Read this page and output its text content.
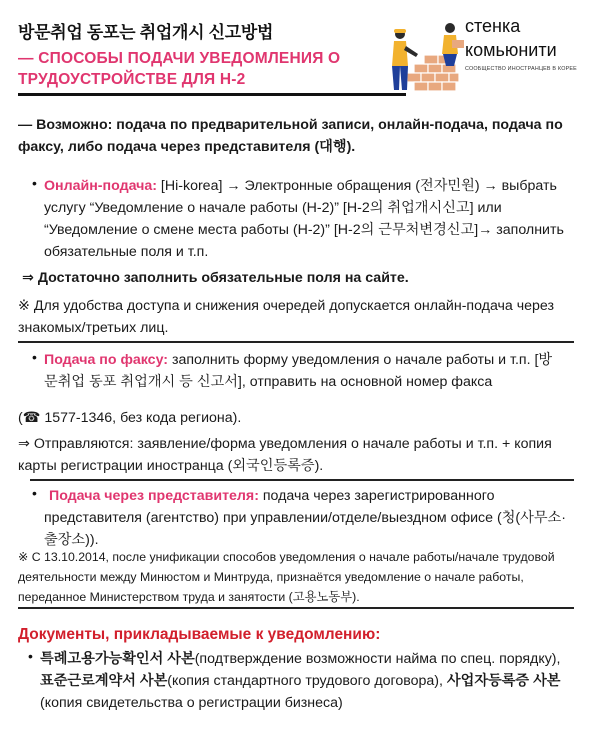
방문취업 동포는 취업개시 신고방법
— СПОСОБЫ ПОДАЧИ УВЕДОМЛЕНИЯ О ТРУДОУСТРОЙСТВЕ ДЛЯ H-2
стенка
комьюнити
СООБЩЕСТВО ИНОСТРАНЦЕВ В КОРЕЕ
— Возможно: подача по предварительной записи, онлайн-подача, подача по факсу, либо подача через представителя (대행).
• Онлайн-подача: [Hi-korea] → Электронные обращения (전자민원) → выбрать услугу “Уведомление о начале работы (H-2)” [H-2의 취업개시신고] или “Уведомление о смене места работы (H-2)” [H-2의 근무처변경신고]→ заполнить обязательные поля и т.п.
⇒ Достаточно заполнить обязательные поля на сайте.
※ Для удобства доступа и снижения очередей допускается онлайн-подача через знакомых/третьих лиц.
• Подача по факсу: заполнить форму уведомления о начале работы и т.п. [방문취업 동포 취업개시 등 신고서], отправить на основной номер факса
(☎ 1577-1346, без кода региона).
⇒ Отправляются: заявление/форма уведомления о начале работы и т.п. + копия карты регистрации иностранца (외국인등록증).
• Подача через представителя: подача через зарегистрированного представителя (агентство) при управлении/отделе/выездном офисе (청(사무소·출장소)).
※ С 13.10.2014, после унификации способов уведомления о начале работы/начале трудовой деятельности между Минюстом и Минтруда, признаётся уведомление о начале работы, переданное Министерством труда и занятости (고용노동부).
Документы, прикладываемые к уведомлению:
• 특례고용가능확인서 사본(подтверждение возможности найма по спец. порядку), 표준근로계약서 사본(копия стандартного трудового договора), 사업자등록증 사본(копия свидетельства о регистрации бизнеса)
